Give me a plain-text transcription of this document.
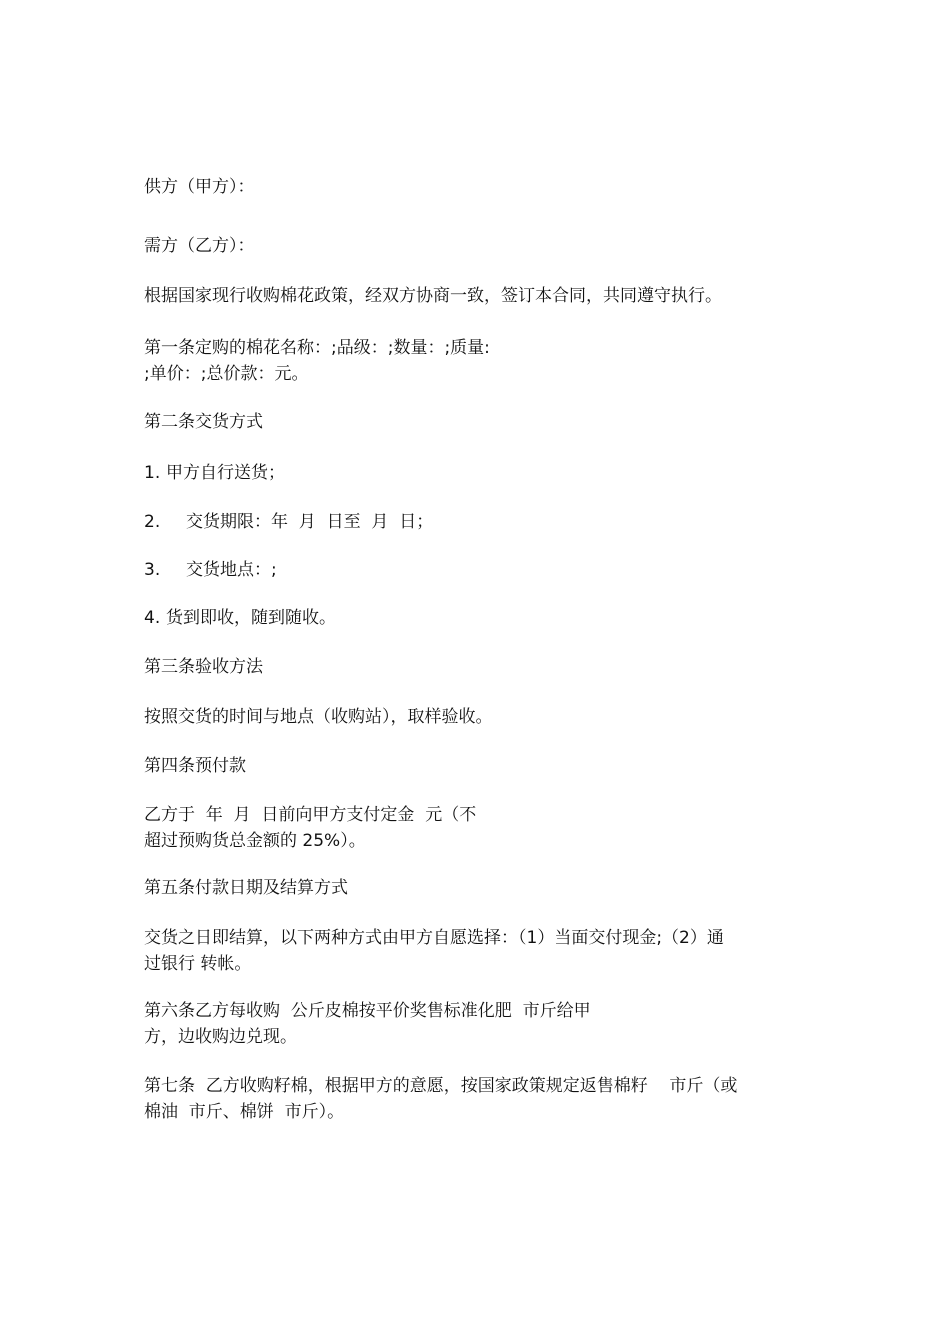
供方（甲方）：

需方（乙方）：

根据国家现行收购棉花政策，经双方协商一致，签订本合同，共同遵守执行。

第一条定购的棉花名称：;品级：;数量：;质量:

;单价：;总价款：元。

第二条交货方式

1. 甲方自行送货；

2. 交货期限：年  月  日至  月  日；

3. 交货地点：;

4. 货到即收，随到随收。

第三条验收方法

按照交货的时间与地点（收购站），取样验收。

第四条预付款

乙方于  年  月  日前向甲方支付定金  元（不

超过预购货总金额的 25%）。

第五条付款日期及结算方式

交货之日即结算，以下两种方式由甲方自愿选择：（1）当面交付现金;（2）通

过银行 转帐。

第六条乙方每收购  公斤皮棉按平价奖售标准化肥  市斤给甲

方，边收购边兑现。

第七条  乙方收购籽棉，根据甲方的意愿，按国家政策规定返售棉籽    市斤（或

棉油  市斤、棉饼  市斤）。
